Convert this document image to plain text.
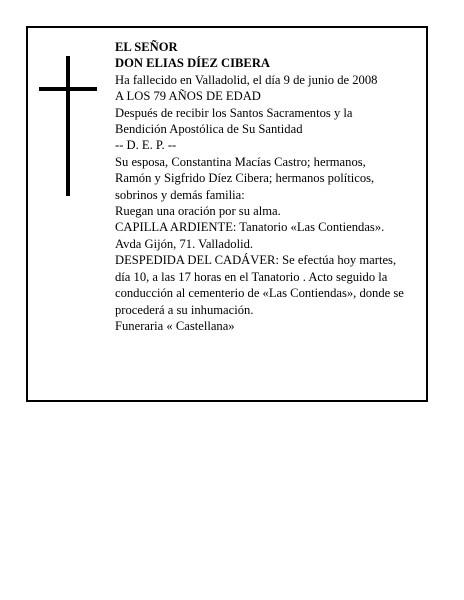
EL SEÑOR
DON ELIAS DÍEZ CIBERA
Ha fallecido en Valladolid, el día 9 de junio de 2008
A LOS 79 AÑOS DE EDAD
Después de recibir los Santos Sacramentos y la
Bendición Apostólica de Su Santidad
-- D. E. P. --
Su esposa, Constantina Macías Castro; hermanos,
Ramón y Sigfrido Díez Cibera; hermanos políticos,
sobrinos y demás familia:
Ruegan una oración por su alma.
CAPILLA ARDIENTE: Tanatorio «Las Contiendas».
Avda Gijón, 71. Valladolid.
DESPEDIDA DEL CADÁVER: Se efectúa hoy martes,
día 10, a las 17 horas en el Tanatorio . Acto seguido la
conducción al cementerio de «Las Contiendas», donde se
procederá a su inhumación.
Funeraria « Castellana»
